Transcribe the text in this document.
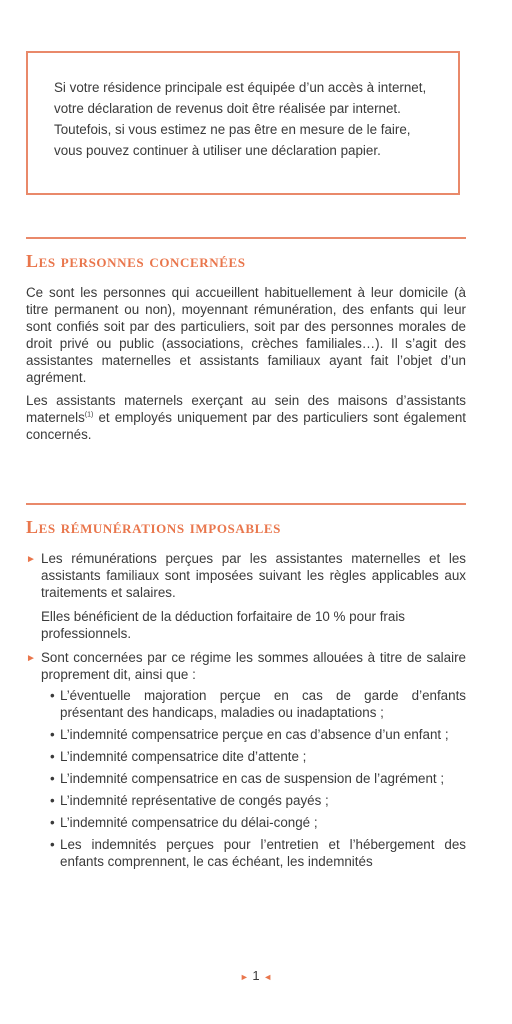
Si votre résidence principale est équipée d’un accès à internet, votre déclaration de revenus doit être réalisée par internet. Toutefois, si vous estimez ne pas être en mesure de le faire, vous pouvez continuer à utiliser une déclaration papier.
Les personnes concernées

Ce sont les personnes qui accueillent habituellement à leur domicile (à titre permanent ou non), moyennant rémunération, des enfants qui leur sont confiés soit par des particuliers, soit par des personnes morales de droit privé ou public (associations, crèches familiales…). Il s’agit des assistantes maternelles et assistants familiaux ayant fait l’objet d’un agrément.

Les assistants maternels exerçant au sein des maisons d’assistants maternels$^{(1)}$ et employés uniquement par des particuliers sont également concernés.

Les rémunérations imposables
► Les rémunérations perçues par les assistantes maternelles et les assistants familiaux sont imposées suivant les règles applicables aux traitements et salaires.
Elles bénéficient de la déduction forfaitaire de 10 % pour frais professionnels.
► Sont concernées par ce régime les sommes allouées à titre de salaire proprement dit, ainsi que :
• L’éventuelle majoration perçue en cas de garde d’enfants présentant des handicaps, maladies ou inadaptations ;
• L’indemnité compensatrice perçue en cas d’absence d’un enfant ;
• L’indemnité compensatrice dite d’attente ;
• L’indemnité compensatrice en cas de suspension de l’agrément ;
• L’indemnité représentative de congés payés ;
• L’indemnité compensatrice du délai-congé ;
• Les indemnités perçues pour l’entretien et l’hébergement des enfants comprennent, le cas échéant, les indemnités
► 1 ◄
